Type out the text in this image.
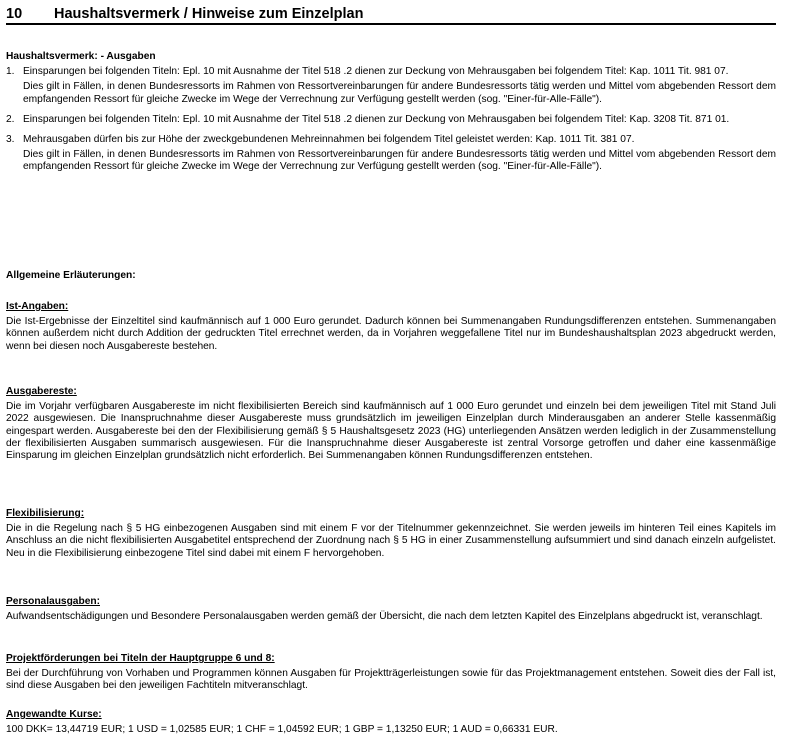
10	Haushaltsvermerk / Hinweise zum Einzelplan
Haushaltsvermerk: - Ausgaben
1. Einsparungen bei folgenden Titeln: Epl. 10 mit Ausnahme der Titel 518 .2 dienen zur Deckung von Mehrausgaben bei folgendem Titel: Kap. 1011 Tit. 981 07.

Dies gilt in Fällen, in denen Bundesressorts im Rahmen von Ressortvereinbarungen für andere Bundesressorts tätig werden und Mittel vom abgebenden Ressort dem empfangenden Ressort für gleiche Zwecke im Wege der Verrechnung zur Verfügung gestellt werden (sog. "Einer-für-Alle-Fälle").

2. Einsparungen bei folgenden Titeln: Epl. 10 mit Ausnahme der Titel 518 .2 dienen zur Deckung von Mehrausgaben bei folgendem Titel: Kap. 3208 Tit. 871 01.

3. Mehrausgaben dürfen bis zur Höhe der zweckgebundenen Mehreinnahmen bei folgendem Titel geleistet werden: Kap. 1011 Tit. 381 07.

Dies gilt in Fällen, in denen Bundesressorts im Rahmen von Ressortvereinbarungen für andere Bundesressorts tätig werden und Mittel vom abgebenden Ressort dem empfangenden Ressort für gleiche Zwecke im Wege der Verrechnung zur Verfügung gestellt werden (sog. "Einer-für-Alle-Fälle").

Allgemeine Erläuterungen:
Ist-Angaben:

Die Ist-Ergebnisse der Einzeltitel sind kaufmännisch auf 1 000 Euro gerundet. Dadurch können bei Summenangaben Rundungsdifferenzen entstehen. Summenangaben können außerdem nicht durch Addition der gedruckten Titel errechnet werden, da in Vorjahren weggefallene Titel nur im Bundeshaushaltsplan 2023 abgedruckt werden, wenn bei diesen noch Ausgabereste bestehen.

Ausgabereste:

Die im Vorjahr verfügbaren Ausgabereste im nicht flexibilisierten Bereich sind kaufmännisch auf 1 000 Euro gerundet und einzeln bei dem jeweiligen Titel mit Stand Juli 2022 ausgewiesen. Die Inanspruchnahme dieser Ausgabereste muss grundsätzlich im jeweiligen Einzelplan durch Minderausgaben an anderer Stelle kassenmäßig eingespart werden. Ausgabereste bei den der Flexibilisierung gemäß § 5 Haushaltsgesetz 2023 (HG) unterliegenden Ansätzen werden lediglich in der Zusammenstellung der flexibilisierten Ausgaben summarisch ausgewiesen. Für die Inanspruchnahme dieser Ausgabereste ist zentral Vorsorge getroffen und daher eine kassenmäßige Einsparung im gleichen Einzelplan grundsätzlich nicht erforderlich. Bei Summenangaben können Rundungsdifferenzen entstehen.

Flexibilisierung:

Die in die Regelung nach § 5 HG einbezogenen Ausgaben sind mit einem F vor der Titelnummer gekennzeichnet. Sie werden jeweils im hinteren Teil eines Kapitels im Anschluss an die nicht flexibilisierten Ausgabetitel entsprechend der Zuordnung nach § 5 HG in einer Zusammenstellung aufsummiert und sind danach einzeln aufgelistet. Neu in die Flexibilisierung einbezogene Titel sind dabei mit einem F hervorgehoben.

Personalausgaben:

Aufwandsentschädigungen und Besondere Personalausgaben werden gemäß der Übersicht, die nach dem letzten Kapitel des Einzelplans abgedruckt ist, veranschlagt.

Projektförderungen bei Titeln der Hauptgruppe 6 und 8:

Bei der Durchführung von Vorhaben und Programmen können Ausgaben für Projektträgerleistungen sowie für das Projektmanagement entstehen. Soweit dies der Fall ist, sind diese Ausgaben bei den jeweiligen Fachtiteln mitveranschlagt.

Angewandte Kurse:

100 DKK= 13,44719 EUR; 1 USD = 1,02585 EUR; 1 CHF = 1,04592 EUR; 1 GBP = 1,13250 EUR; 1 AUD = 0,66331 EUR.
